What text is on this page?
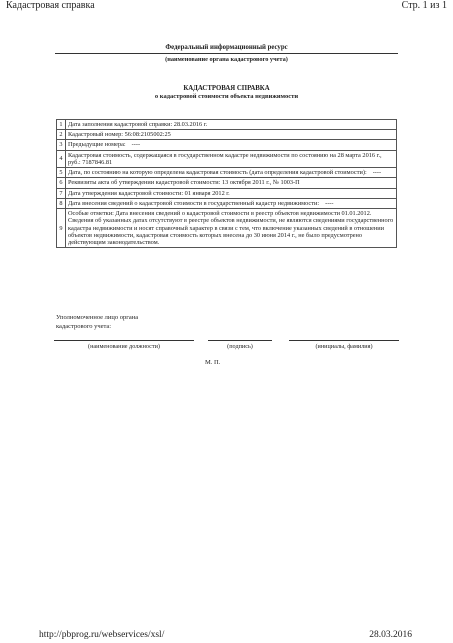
Кадастровая справка	Стр. 1 из 1
Федеральный информационный ресурс
(наименование органа кадастрового учета)
КАДАСТРОВАЯ СПРАВКА
о кадастровой стоимости объекта недвижимости
1	Дата заполнения кадастровой справки: 28.03.2016 г.
2	Кадастровый номер: 56:08:2105002:25
3	Предыдущие номера: ----
4	Кадастровая стоимость, содержащаяся в государственном кадастре недвижимости по состоянию на 28 марта 2016 г., руб.: 7187846.81
5	Дата, по состоянию на которую определена кадастровая стоимость (дата определения кадастровой стоимости): ----
6	Реквизиты акта об утверждении кадастровой стоимости: 13 октября 2011 г., № 1003-П
7	Дата утверждения кадастровой стоимости: 01 января 2012 г.
8	Дата внесения сведений о кадастровой стоимости в государственный кадастр недвижимости: ----
9	Особые отметки: Дата внесения сведений о кадастровой стоимости в реестр объектов недвижимости 01.01.2012. Сведения об указанных датах отсутствуют в реестре объектов недвижимости, не являются сведениями государственного кадастра недвижимости и носят справочный характер в связи с тем, что включение указанных сведений в отношении объектов недвижимости, кадастровая стоимость которых внесена до 30 июня 2014 г., не было предусмотрено действующим законодательством.
Уполномоченное лицо органа
кадастрового учета:
(наименование должности)	(подпись)	(инициалы, фамилия)
М. П.
http://pbprog.ru/webservices/xsl/	28.03.2016
